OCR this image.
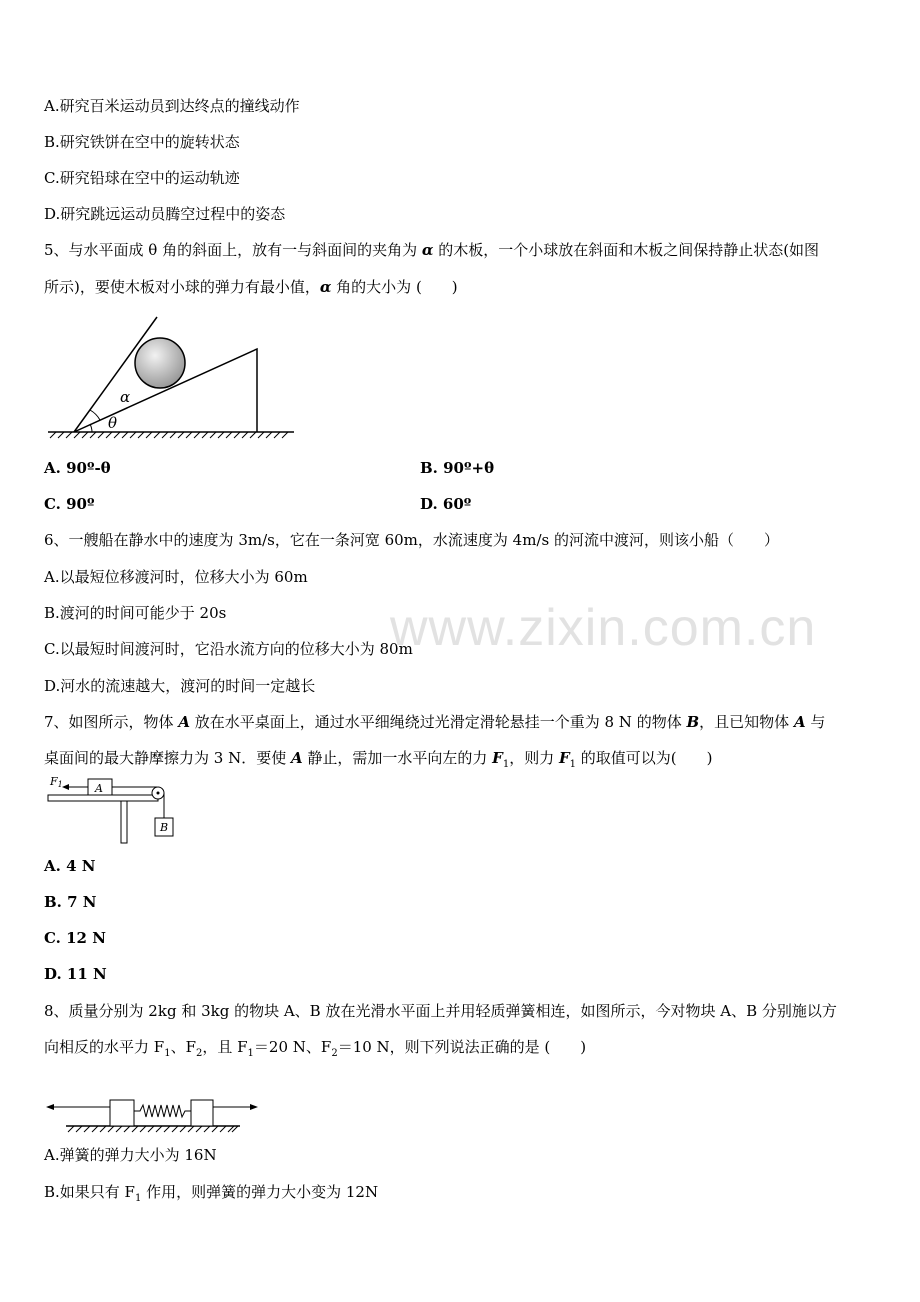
www.zixin.com.cn
A.研究百米运动员到达终点的撞线动作
B.研究铁饼在空中的旋转状态
C.研究铅球在空中的运动轨迹
D.研究跳远运动员腾空过程中的姿态
5、与水平面成 θ 角的斜面上，放有一与斜面间的夹角为 α 的木板，一个小球放在斜面和木板之间保持静止状态(如图
所示)，要使木板对小球的弹力有最小值，α 角的大小为 (　　)
α
θ
A. 90º-θ	B. 90º+θ
C. 90º	D. 60º
6、一艘船在静水中的速度为 3m/s，它在一条河宽 60m，水流速度为 4m/s 的河流中渡河，则该小船（　　）
A.以最短位移渡河时，位移大小为 60m
B.渡河的时间可能少于 20s
C.以最短时间渡河时，它沿水流方向的位移大小为 80m
D.河水的流速越大，渡河的时间一定越长
7、如图所示，物体 A 放在水平桌面上，通过水平细绳绕过光滑定滑轮悬挂一个重为 8 N 的物体 B，且已知物体 A 与
桌面间的最大静摩擦力为 3 N．要使 A 静止，需加一水平向左的力 $F_1$，则力 $F_1$ 的取值可以为(　　)
A
B
F1
A. 4 N
B. 7 N
C. 12 N
D. 11 N
8、质量分别为 2kg 和 3kg 的物块 A、B 放在光滑水平面上并用轻质弹簧相连，如图所示，今对物块 A、B 分别施以方
向相反的水平力 $F_1$、$F_2$，且 $F_1=20$ N、$F_2=10$ N，则下列说法正确的是 (　　)
A.弹簧的弹力大小为 16N
B.如果只有 $F_1$ 作用，则弹簧的弹力大小变为 12N
